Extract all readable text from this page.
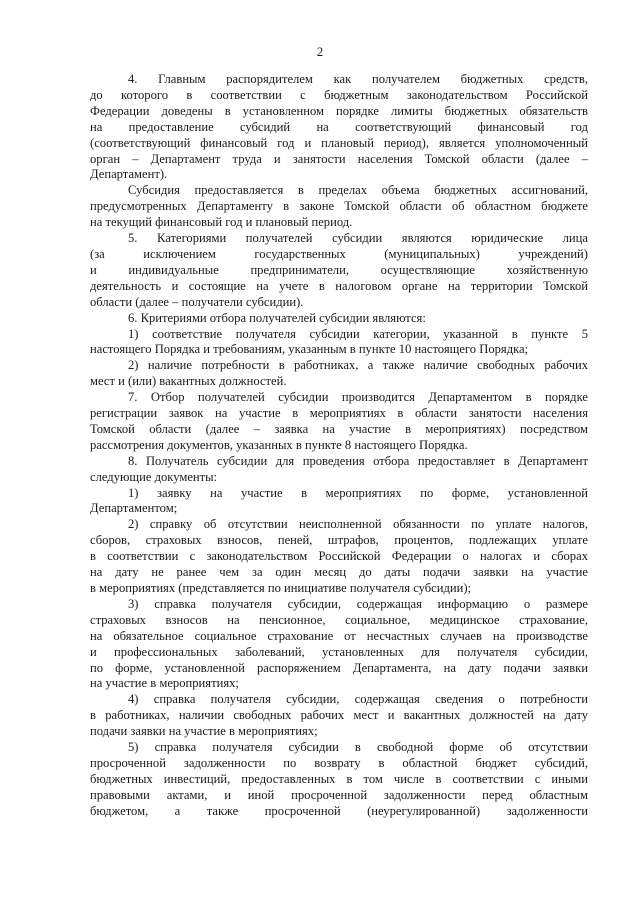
2
4. Главным распорядителем как получателем бюджетных средств,
до которого в соответствии с бюджетным законодательством Российской
Федерации доведены в установленном порядке лимиты бюджетных обязательств
на предоставление субсидий на соответствующий финансовый год
(соответствующий финансовый год и плановый период), является уполномоченный
орган – Департамент труда и занятости населения Томской области (далее –
Департамент).
Субсидия предоставляется в пределах объема бюджетных ассигнований,
предусмотренных Департаменту в законе Томской области об областном бюджете
на текущий финансовый год и плановый период.
5. Категориями получателей субсидии являются юридические лица
(за исключением государственных (муниципальных) учреждений)
и индивидуальные предприниматели, осуществляющие хозяйственную
деятельность и состоящие на учете в налоговом органе на территории Томской
области (далее – получатели субсидии).
6. Критериями отбора получателей субсидии являются:
1) соответствие получателя субсидии категории, указанной в пункте 5
настоящего Порядка и требованиям, указанным в пункте 10 настоящего Порядка;
2) наличие потребности в работниках, а также наличие свободных рабочих
мест и (или) вакантных должностей.
7. Отбор получателей субсидии производится Департаментом в порядке
регистрации заявок на участие в мероприятиях в области занятости населения
Томской области (далее – заявка на участие в мероприятиях) посредством
рассмотрения документов, указанных в пункте 8 настоящего Порядка.
8. Получатель субсидии для проведения отбора предоставляет в Департамент
следующие документы:
1) заявку на участие в мероприятиях по форме, установленной
Департаментом;
2) справку об отсутствии неисполненной обязанности по уплате налогов,
сборов, страховых взносов, пеней, штрафов, процентов, подлежащих уплате
в соответствии с законодательством Российской Федерации о налогах и сборах
на дату не ранее чем за один месяц до даты подачи заявки на участие
в мероприятиях (представляется по инициативе получателя субсидии);
3) справка получателя субсидии, содержащая информацию о размере
страховых взносов на пенсионное, социальное, медицинское страхование,
на обязательное социальное страхование от несчастных случаев на производстве
и профессиональных заболеваний, установленных для получателя субсидии,
по форме, установленной распоряжением Департамента, на дату подачи заявки
на участие в мероприятиях;
4) справка получателя субсидии, содержащая сведения о потребности
в работниках, наличии свободных рабочих мест и вакантных должностей на дату
подачи заявки на участие в мероприятиях;
5) справка получателя субсидии в свободной форме об отсутствии
просроченной задолженности по возврату в областной бюджет субсидий,
бюджетных инвестиций, предоставленных в том числе в соответствии с иными
правовыми актами, и иной просроченной задолженности перед областным
бюджетом, а также просроченной (неурегулированной) задолженности
